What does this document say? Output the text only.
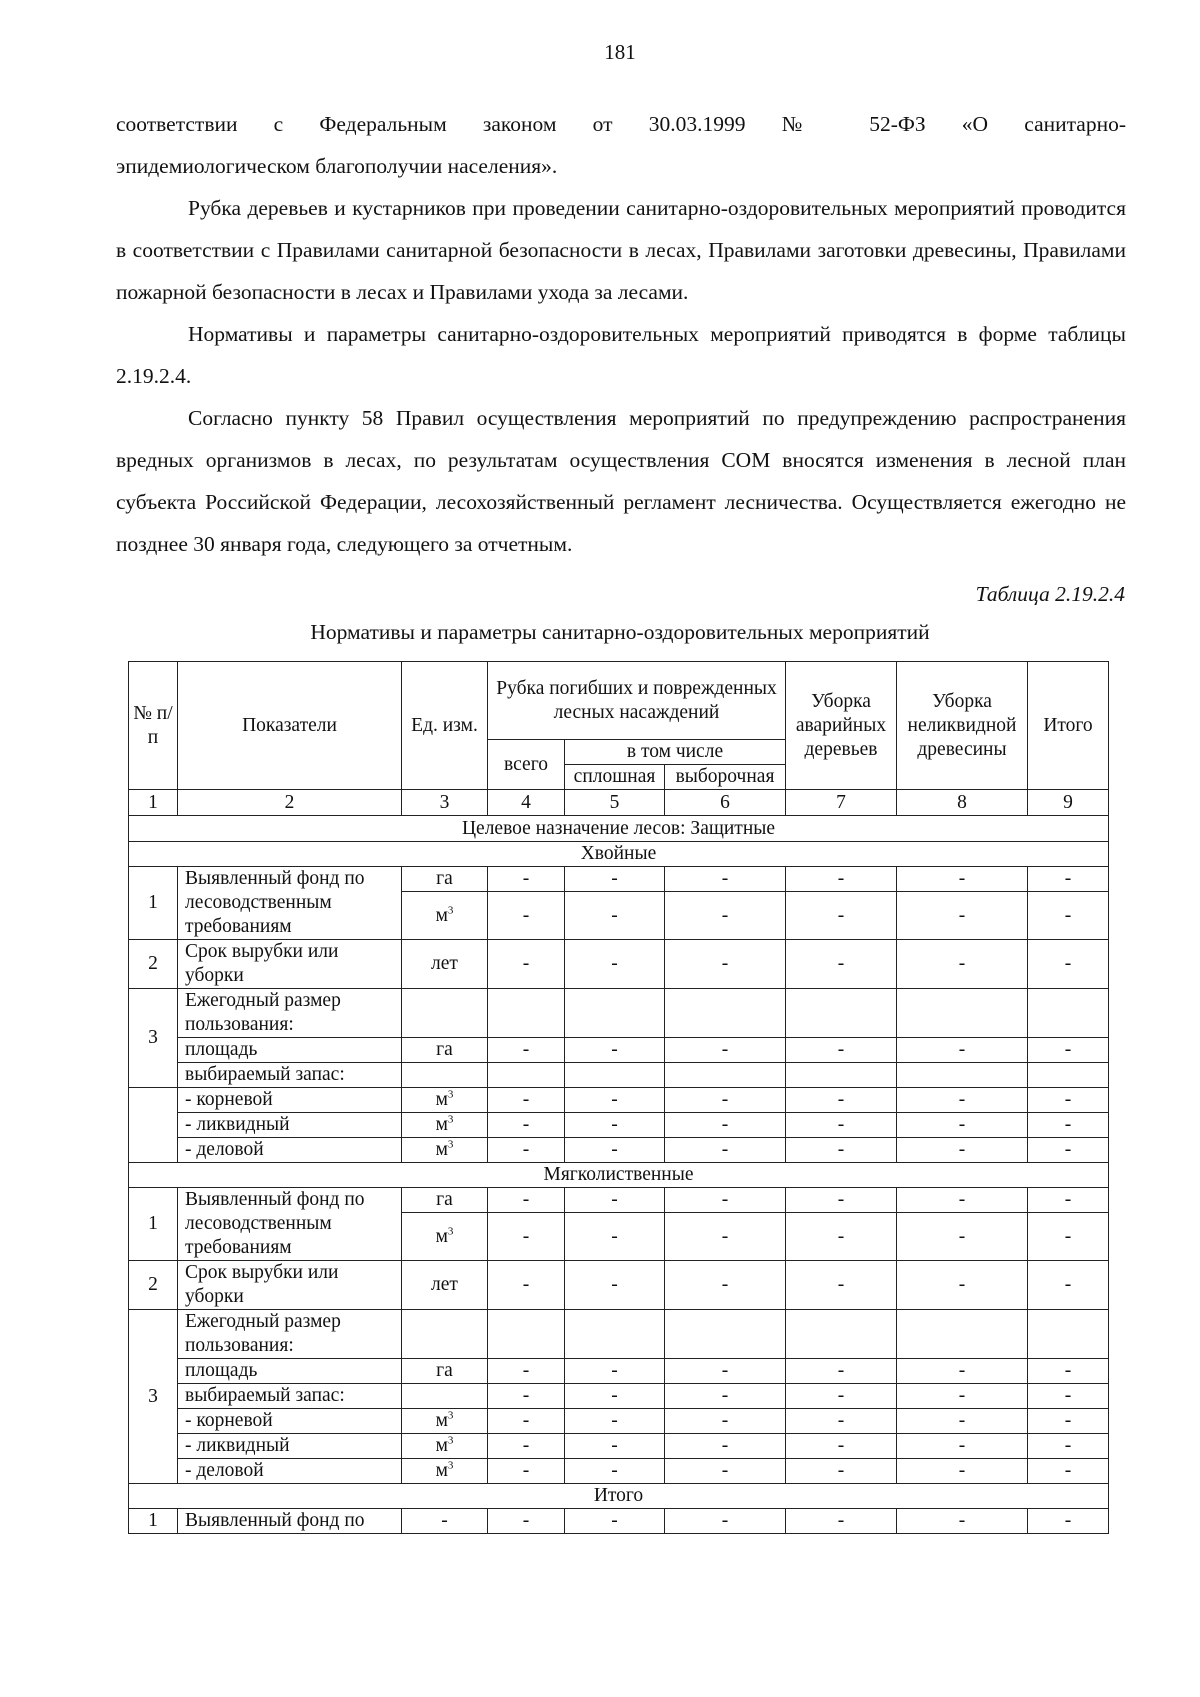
181

соответствии с Федеральным законом от 30.03.1999 № 52-ФЗ «О санитарно-

эпидемиологическом благополучии населения».

Рубка деревьев и кустарников при проведении санитарно-оздоровительных мероприятий проводится в соответствии с Правилами санитарной безопасности в лесах, Правилами заготовки древесины, Правилами пожарной безопасности в лесах и Правилами ухода за лесами.

Нормативы и параметры санитарно-оздоровительных мероприятий приводятся в форме таблицы 2.19.2.4.

Согласно пункту 58 Правил осуществления мероприятий по предупреждению распространения вредных организмов в лесах, по результатам осуществления СОМ вносятся изменения в лесной план субъекта Российской Федерации, лесохозяйственный регламент лесничества. Осуществляется ежегодно не позднее 30 января года, следующего за отчетным.

Таблица 2.19.2.4
Нормативы и параметры санитарно-оздоровительных мероприятий
№ п/п	Показатели	Ед. изм.	Рубка погибших и поврежденных лесных насаждений			Уборка аварийных деревьев	Уборка неликвидной древесины	Итого
			всего	в том числе				
				сплошная	выборочная			
1	2	3	4	5	6	7	8	9
Целевое назначение лесов: Защитные								
Хвойные								
1	Выявленный фонд по лесоводственным требованиям	га	-	-	-	-	-	-
		$м^3$	-	-	-	-	-	-
2	Срок вырубки или уборки	лет	-	-	-	-	-	-
3	Ежегодный размер пользования:							
	площадь	га	-	-	-	-	-	-
	выбираемый запас:							
	- корневой	$м^3$	-	-	-	-	-	-
	- ликвидный	$м^3$	-	-	-	-	-	-
	- деловой	$м^3$	-	-	-	-	-	-
Мягколиственные								
1	Выявленный фонд по лесоводственным требованиям	га	-	-	-	-	-	-
		$м^3$	-	-	-	-	-	-
2	Срок вырубки или уборки	лет	-	-	-	-	-	-
3	Ежегодный размер пользования:							
	площадь	га	-	-	-	-	-	-
	выбираемый запас:		-	-	-	-	-	-
	- корневой	$м^3$	-	-	-	-	-	-
	- ликвидный	$м^3$	-	-	-	-	-	-
	- деловой	$м^3$	-	-	-	-	-	-
Итого								
1	Выявленный фонд по	-	-	-	-	-	-	-
